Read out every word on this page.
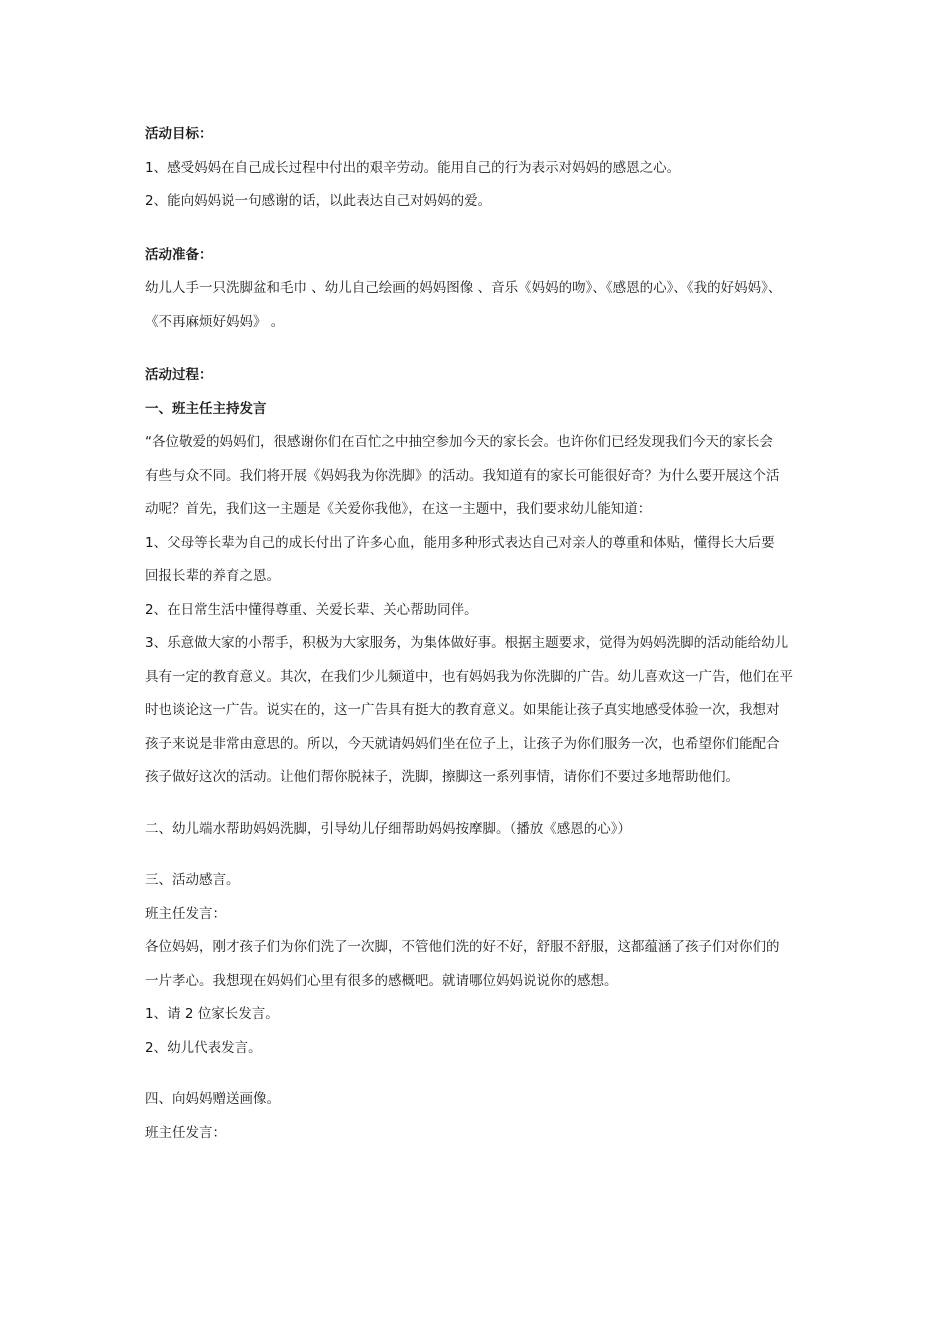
活动目标：

1、感受妈妈在自己成长过程中付出的艰辛劳动。能用自己的行为表示对妈妈的感恩之心。

2、能向妈妈说一句感谢的话，以此表达自己对妈妈的爱。

活动准备：

幼儿人手一只洗脚盆和毛巾 、幼儿自己绘画的妈妈图像 、音乐《妈妈的吻》、《感恩的心》、《我的好妈妈》、

《不再麻烦好妈妈》 。

活动过程：

一、班主任主持发言

“各位敬爱的妈妈们，很感谢你们在百忙之中抽空参加今天的家长会。也许你们已经发现我们今天的家长会

有些与众不同。我们将开展《妈妈我为你洗脚》的活动。我知道有的家长可能很好奇？为什么要开展这个活

动呢？首先，我们这一主题是《关爱你我他》，在这一主题中，我们要求幼儿能知道：

1、父母等长辈为自己的成长付出了许多心血，能用多种形式表达自己对亲人的尊重和体贴，懂得长大后要

回报长辈的养育之恩。

2、在日常生活中懂得尊重、关爱长辈、关心帮助同伴。

3、乐意做大家的小帮手，积极为大家服务，为集体做好事。根据主题要求，觉得为妈妈洗脚的活动能给幼儿

具有一定的教育意义。其次，在我们少儿频道中，也有妈妈我为你洗脚的广告。幼儿喜欢这一广告，他们在平

时也谈论这一广告。说实在的，这一广告具有挺大的教育意义。如果能让孩子真实地感受体验一次，我想对

孩子来说是非常由意思的。所以，今天就请妈妈们坐在位子上，让孩子为你们服务一次，也希望你们能配合

孩子做好这次的活动。让他们帮你脱袜子，洗脚，擦脚这一系列事情，请你们不要过多地帮助他们。

二、幼儿端水帮助妈妈洗脚，引导幼儿仔细帮助妈妈按摩脚。（播放《感恩的心》）

三、活动感言。

班主任发言：

各位妈妈，刚才孩子们为你们洗了一次脚，不管他们洗的好不好，舒服不舒服，这都蕴涵了孩子们对你们的

一片孝心。我想现在妈妈们心里有很多的感概吧。就请哪位妈妈说说你的感想。

1、请 2 位家长发言。

2、幼儿代表发言。

四、向妈妈赠送画像。

班主任发言：
